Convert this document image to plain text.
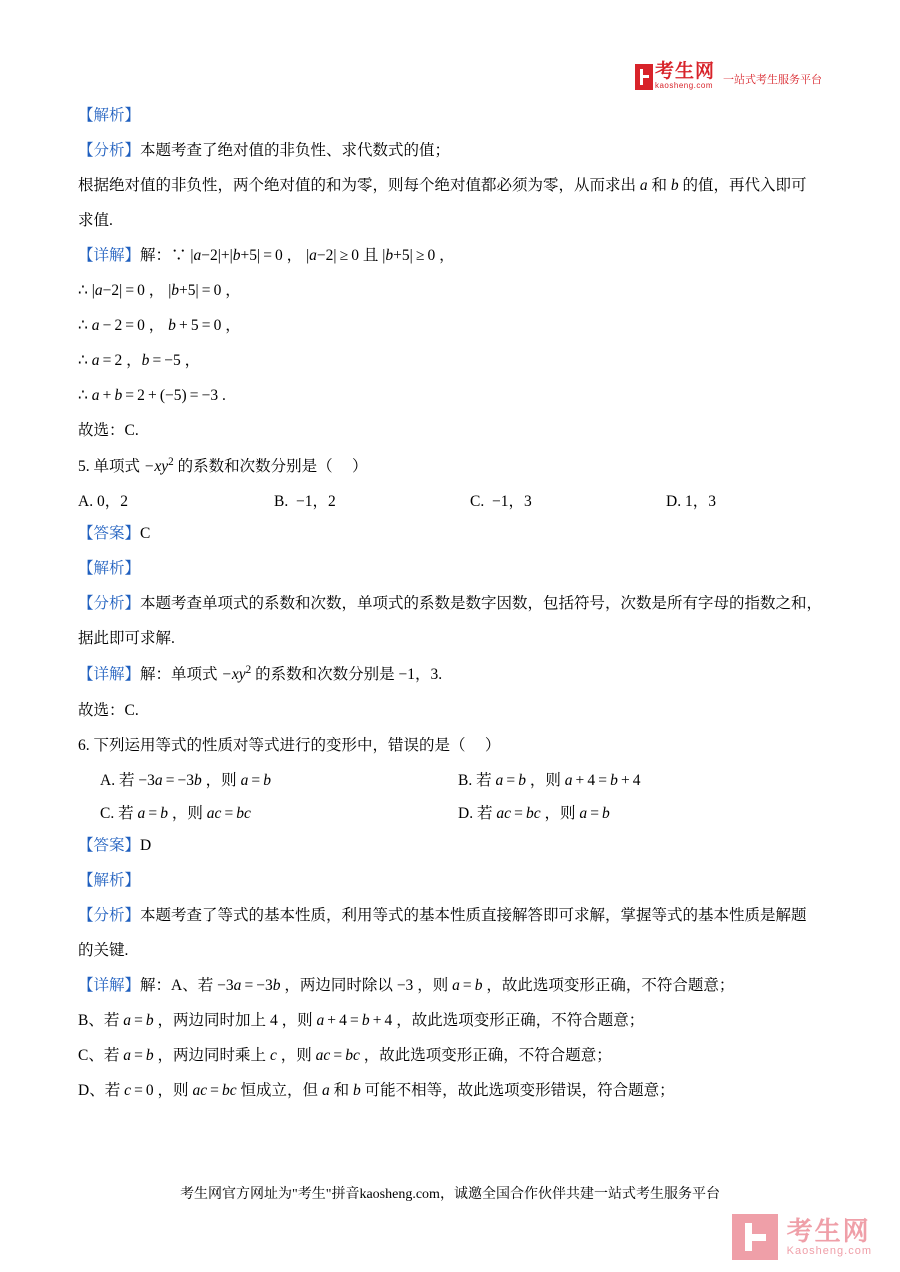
考生网
kaosheng.com 一站式考生服务平台
【解析】
【分析】本题考查了绝对值的非负性、求代数式的值；
根据绝对值的非负性，两个绝对值的和为零，则每个绝对值都必须为零，从而求出 a 和 b 的值，再代入即可
求值.
【详解】解：∵ |a−2|+|b+5| = 0 ， |a−2| ≥ 0 且 |b+5| ≥ 0 ，
∴ |a−2| = 0 ， |b+5| = 0 ，
∴ a − 2 = 0 ， b + 5 = 0 ，
∴ a = 2 ，b = −5 ，
∴ a + b = 2 + (−5) = −3 .
故选：C.
5. 单项式 $-xy^2$ 的系数和次数分别是（     ）
A. 0，2	B. −1，2	C. −1，3	D. 1，3
【答案】C
【解析】
【分析】本题考查单项式的系数和次数，单项式的系数是数字因数，包括符号，次数是所有字母的指数之和，
据此即可求解.
【详解】解：单项式 $-xy^2$ 的系数和次数分别是 −1，3.
故选：C.
6. 下列运用等式的性质对等式进行的变形中，错误的是（     ）
A. 若 −3a = −3b ，则 a = b	B. 若 a = b ，则 a + 4 = b + 4
C. 若 a = b ，则 ac = bc	D. 若 ac = bc ，则 a = b
【答案】D
【解析】
【分析】本题考查了等式的基本性质，利用等式的基本性质直接解答即可求解，掌握等式的基本性质是解题
的关键.
【详解】解：A、若 −3a = −3b ，两边同时除以 −3 ，则 a = b ，故此选项变形正确，不符合题意；
B、若 a = b ，两边同时加上 4 ，则 a + 4 = b + 4 ，故此选项变形正确，不符合题意；
C、若 a = b ，两边同时乘上 c ，则 ac = bc ，故此选项变形正确，不符合题意；
D、若 c = 0 ，则 ac = bc 恒成立，但 a 和 b 可能不相等，故此选项变形错误，符合题意；
考生网官方网址为"考生"拼音kaosheng.com，诚邀全国合作伙伴共建一站式考生服务平台
考生网
Kaosheng.com
